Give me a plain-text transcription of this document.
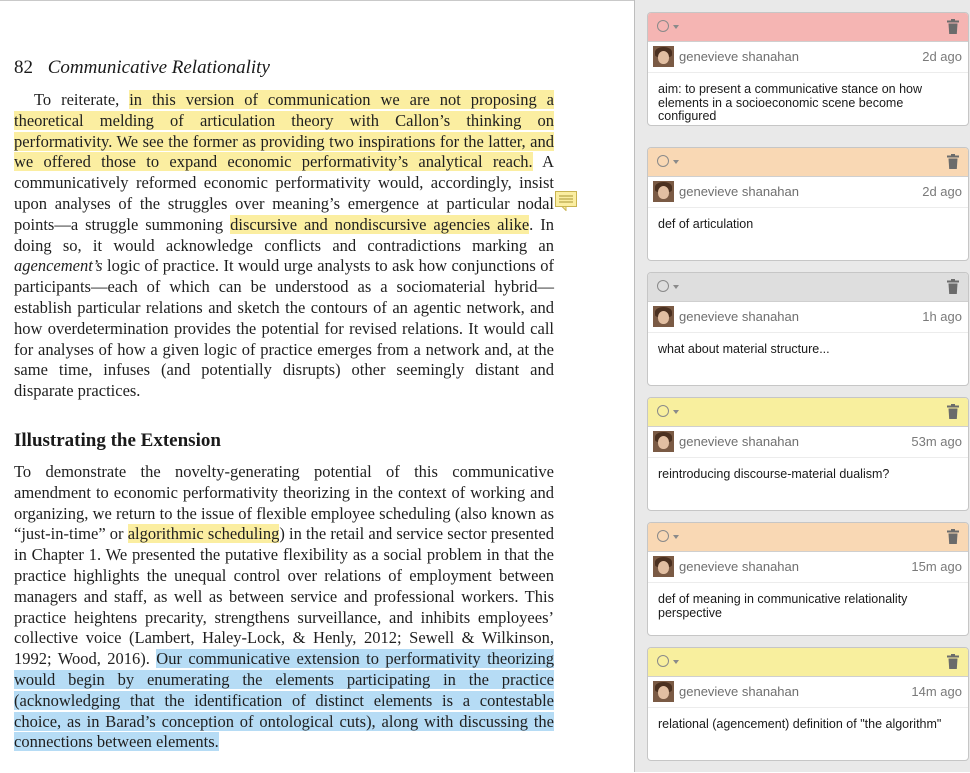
82 Communicative Relationality

To reiterate, in this version of communication we are not proposing a theoretical melding of articulation theory with Callon’s thinking on performativity. We see the former as providing two inspirations for the latter, and we offered those to expand economic performativity’s analytical reach. A communicatively reformed economic performativity would, accordingly, insist upon analyses of the struggles over meaning’s emergence at particular nodal points—a struggle summoning discursive and nondiscursive agencies alike. In doing so, it would acknowledge conflicts and contradictions marking an agencement’s logic of practice. It would urge analysts to ask how conjunctions of participants—each of which can be understood as a sociomaterial hybrid—establish particular relations and sketch the contours of an agentic network, and how overdetermination provides the potential for revised relations. It would call for analyses of how a given logic of practice emerges from a network and, at the same time, infuses (and potentially disrupts) other seemingly distant and disparate practices.

Illustrating the Extension

To demonstrate the novelty-generating potential of this communicative amendment to economic performativity theorizing in the context of working and organizing, we return to the issue of flexible employee scheduling (also known as “just-in-time” or algorithmic scheduling) in the retail and service sector presented in Chapter 1. We presented the putative flexibility as a social problem in that the practice highlights the unequal control over relations of employment between managers and staff, as well as between service and professional workers. This practice heightens precarity, strengthens surveillance, and inhibits employees’ collective voice (Lambert, Haley-Lock, & Henly, 2012; Sewell & Wilkinson, 1992; Wood, 2016). Our communicative extension to performativity theorizing would begin by enumerating the elements participating in the practice (acknowledging that the identification of distinct elements is a contestable choice, as in Barad’s conception of ontological cuts), along with discussing the connections between elements.

genevieve shanahan	2d ago
aim: to present a communicative stance on how elements in a socioeconomic scene become configured
genevieve shanahan	2d ago
def of articulation
genevieve shanahan	1h ago
what about material structure...
genevieve shanahan	53m ago
reintroducing discourse-material dualism?
genevieve shanahan	15m ago
def of meaning in communicative relationality perspective
genevieve shanahan	14m ago
relational (agencement) definition of "the algorithm"
